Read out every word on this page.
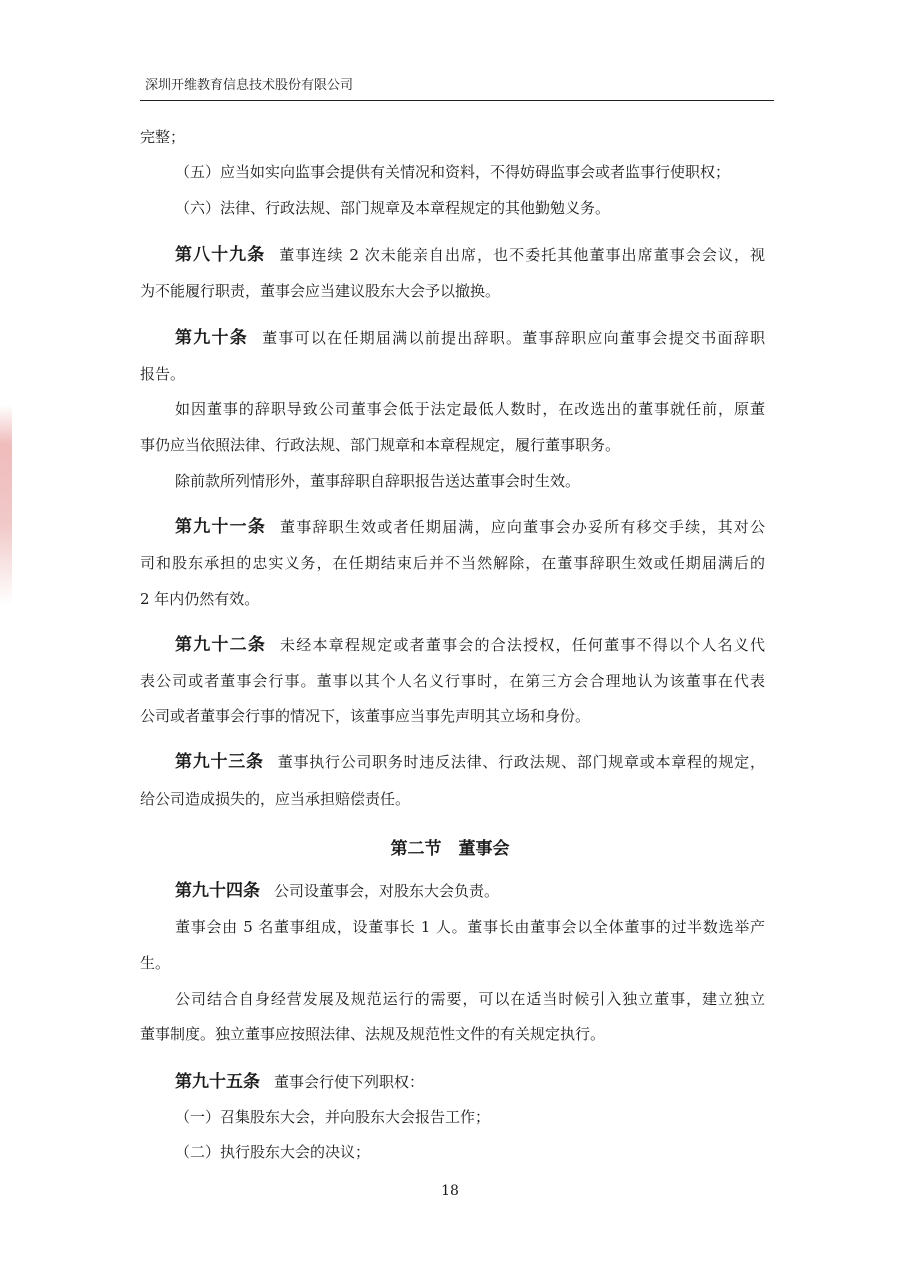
深圳开维教育信息技术股份有限公司
完整；
（五）应当如实向监事会提供有关情况和资料，不得妨碍监事会或者监事行使职权；
（六）法律、行政法规、部门规章及本章程规定的其他勤勉义务。
第八十九条 董事连续 2 次未能亲自出席，也不委托其他董事出席董事会会议，视
为不能履行职责，董事会应当建议股东大会予以撤换。
第九十条 董事可以在任期届满以前提出辞职。董事辞职应向董事会提交书面辞职
报告。
如因董事的辞职导致公司董事会低于法定最低人数时，在改选出的董事就任前，原董
事仍应当依照法律、行政法规、部门规章和本章程规定，履行董事职务。
除前款所列情形外，董事辞职自辞职报告送达董事会时生效。
第九十一条 董事辞职生效或者任期届满，应向董事会办妥所有移交手续，其对公
司和股东承担的忠实义务，在任期结束后并不当然解除，在董事辞职生效或任期届满后的
2 年内仍然有效。
第九十二条 未经本章程规定或者董事会的合法授权，任何董事不得以个人名义代
表公司或者董事会行事。董事以其个人名义行事时，在第三方会合理地认为该董事在代表
公司或者董事会行事的情况下，该董事应当事先声明其立场和身份。
第九十三条 董事执行公司职务时违反法律、行政法规、部门规章或本章程的规定，
给公司造成损失的，应当承担赔偿责任。
第二节　董事会
第九十四条 公司设董事会，对股东大会负责。
董事会由 5 名董事组成，设董事长 1 人。董事长由董事会以全体董事的过半数选举产
生。
公司结合自身经营发展及规范运行的需要，可以在适当时候引入独立董事，建立独立
董事制度。独立董事应按照法律、法规及规范性文件的有关规定执行。
第九十五条 董事会行使下列职权：
（一）召集股东大会，并向股东大会报告工作；
（二）执行股东大会的决议；
18
